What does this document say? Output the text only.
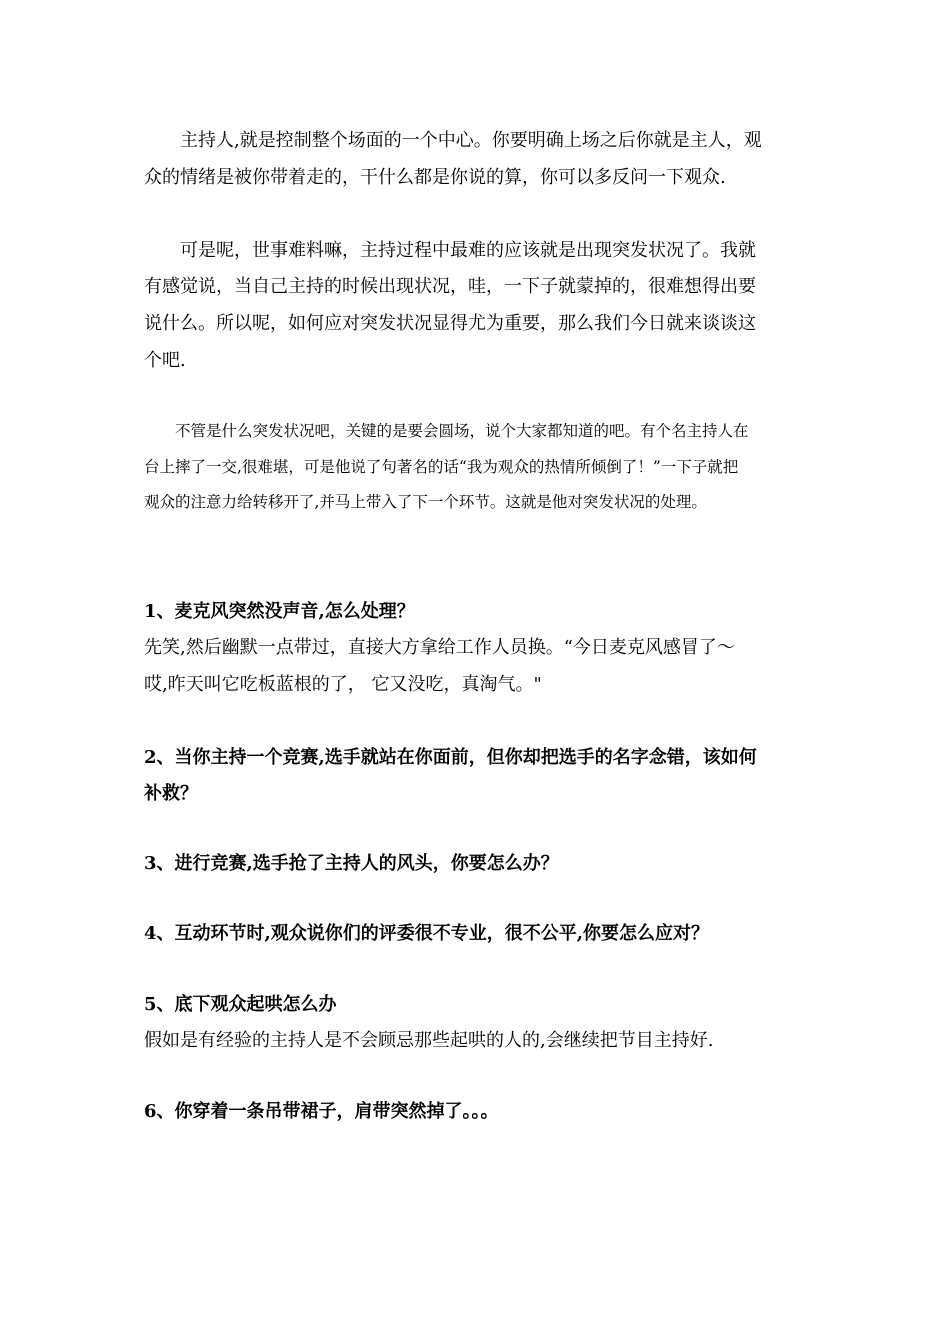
　　主持人,就是控制整个场面的一个中心。你要明确上场之后你就是主人，观
众的情绪是被你带着走的，干什么都是你说的算，你可以多反问一下观众.
　　可是呢，世事难料嘛，主持过程中最难的应该就是出现突发状况了。我就
有感觉说，当自己主持的时候出现状况，哇，一下子就蒙掉的，很难想得出要
说什么。所以呢，如何应对突发状况显得尤为重要，那么我们今日就来谈谈这
个吧.
　　不管是什么突发状况吧，关键的是要会圆场，说个大家都知道的吧。有个名主持人在
台上摔了一交,很难堪，可是他说了句著名的话“我为观众的热情所倾倒了！”一下子就把
观众的注意力给转移开了,并马上带入了下一个环节。这就是他对突发状况的处理。
1、麦克风突然没声音,怎么处理？
先笑,然后幽默一点带过，直接大方拿给工作人员换。“今日麦克风感冒了～
哎,昨天叫它吃板蓝根的了， 它又没吃，真淘气。"
2、当你主持一个竞赛,选手就站在你面前，但你却把选手的名字念错，该如何
补救？
3、进行竞赛,选手抢了主持人的风头，你要怎么办？
4、互动环节时,观众说你们的评委很不专业，很不公平,你要怎么应对？
5、底下观众起哄怎么办
假如是有经验的主持人是不会顾忌那些起哄的人的,会继续把节目主持好.
6、你穿着一条吊带裙子，肩带突然掉了。。。
